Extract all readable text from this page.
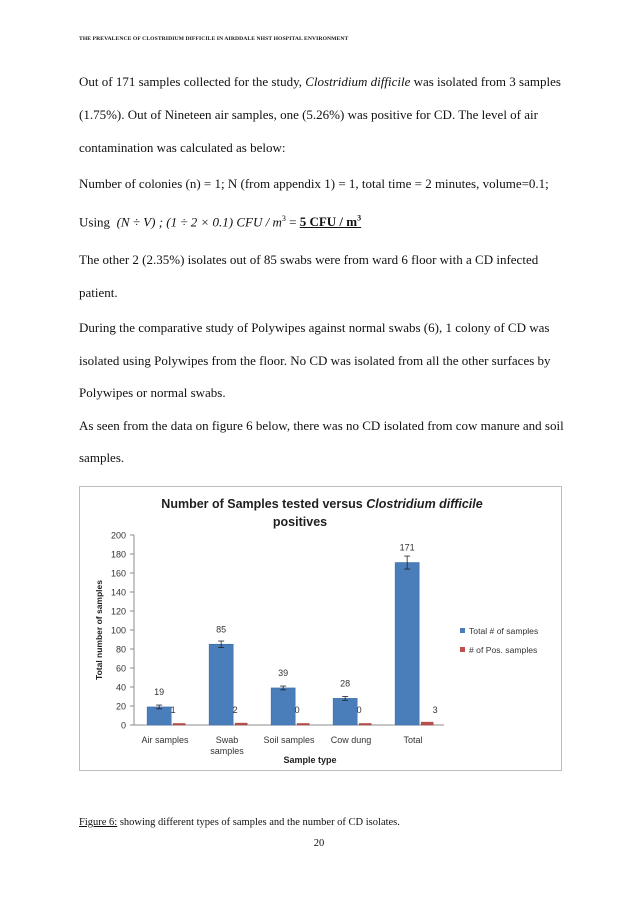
THE PREVALENCE OF CLOSTRIDIUM DIFFICILE IN AIRDDALE NHST HOSPITAL ENVIRONMENT
Out of 171 samples collected for the study, Clostridium difficile was isolated from 3 samples
(1.75%). Out of Nineteen air samples, one (5.26%) was positive for CD. The level of air
contamination was calculated as below:
Number of colonies (n) = 1; N (from appendix 1) = 1, total time = 2 minutes, volume=0.1;
Using (N ÷ V) ; (1 ÷ 2 × 0.1) CFU / $m^3 = 5$ CFU / $m^3$
The other 2 (2.35%) isolates out of 85 swabs were from ward 6 floor with a CD infected
patient.
During the comparative study of Polywipes against normal swabs (6), 1 colony of CD was
isolated using Polywipes from the floor. No CD was isolated from all the other surfaces by
Polywipes or normal swabs.
As seen from the data on figure 6 below, there was no CD isolated from cow manure and soil
samples.
Number of Samples tested versus Clostridium difficile
positives
0
20
40
60
80
100
120
140
160
180
200
Total number of samples
Sample type
19
1
Air samples
85
2
Swab
samples
39
0
Soil samples
28
0
Cow dung
171
3
Total
Total # of samples
# of Pos. samples
Figure 6: showing different types of samples and the number of CD isolates.
20
